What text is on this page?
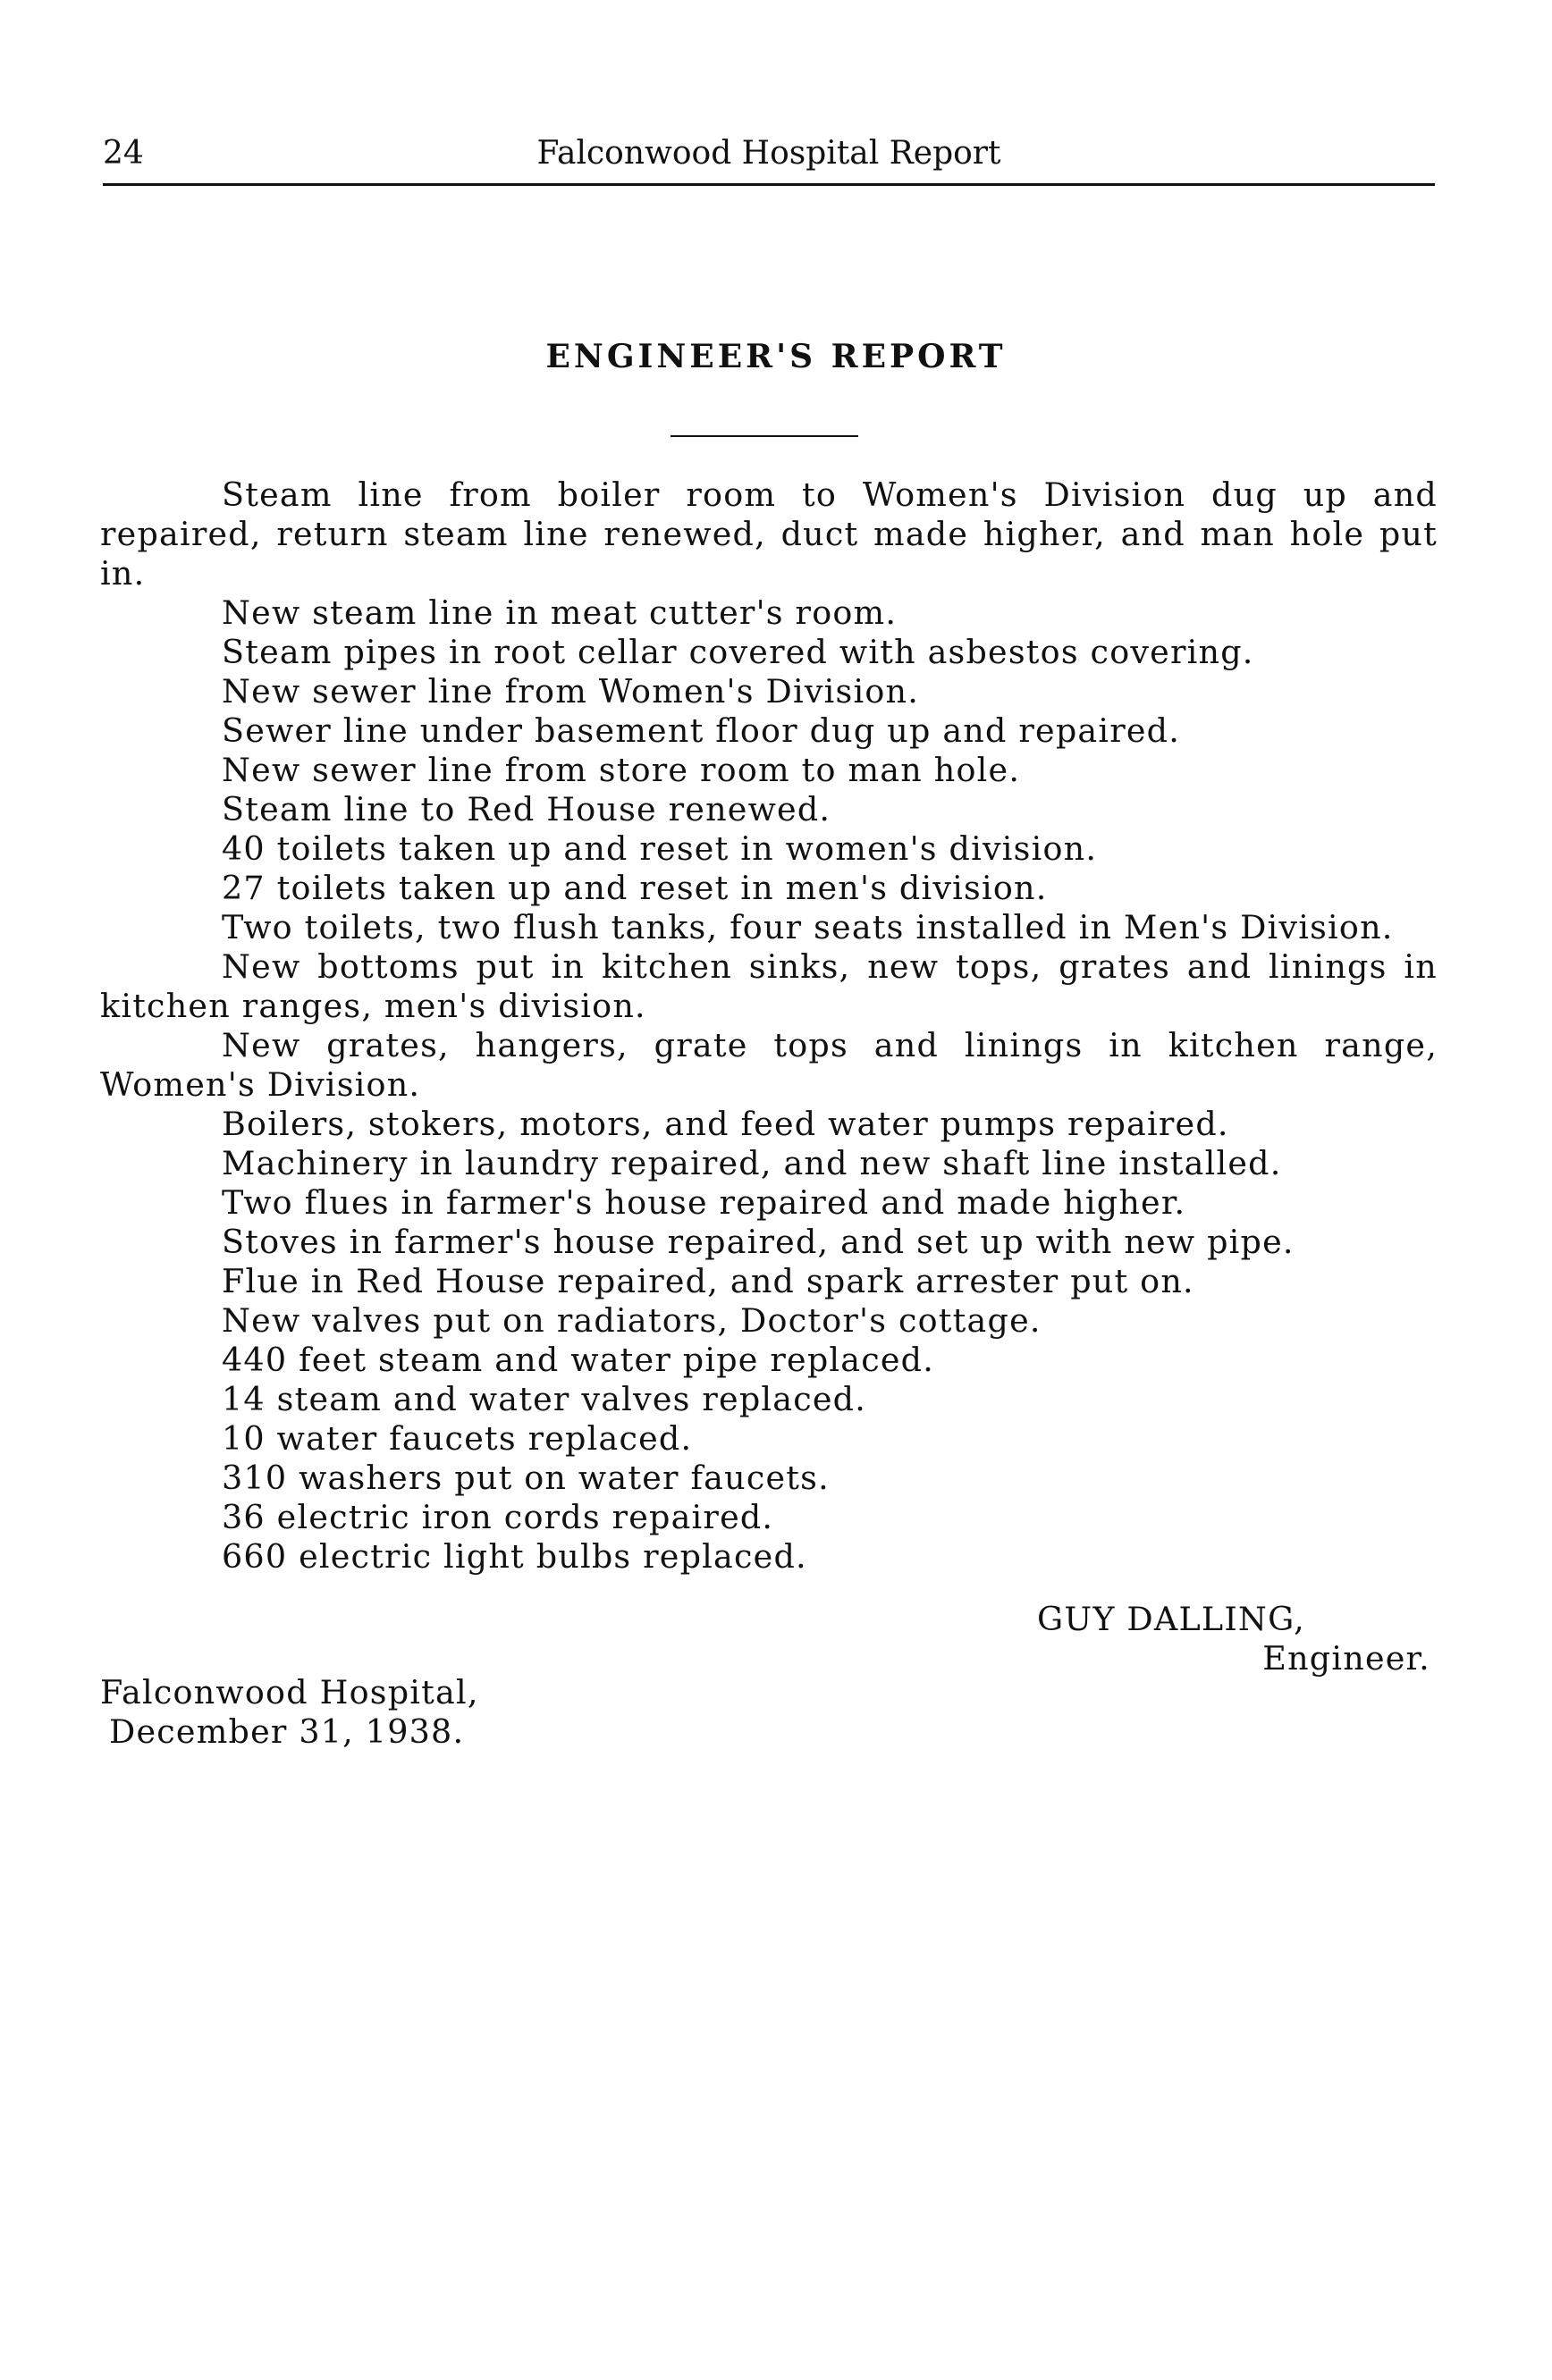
24	Falconwood Hospital Report
ENGINEER'S REPORT

Steam line from boiler room to Women's Division dug up and repaired, return steam line renewed, duct made higher, and man hole put in.

New steam line in meat cutter's room.

Steam pipes in root cellar covered with asbestos covering.

New sewer line from Women's Division.

Sewer line under basement floor dug up and repaired.

New sewer line from store room to man hole.

Steam line to Red House renewed.

40 toilets taken up and reset in women's division.

27 toilets taken up and reset in men's division.

Two toilets, two flush tanks, four seats installed in Men's Division.

New bottoms put in kitchen sinks, new tops, grates and linings in kitchen ranges, men's division.

New grates, hangers, grate tops and linings in kitchen range, Women's Division.

Boilers, stokers, motors, and feed water pumps repaired.

Machinery in laundry repaired, and new shaft line installed.

Two flues in farmer's house repaired and made higher.

Stoves in farmer's house repaired, and set up with new pipe.

Flue in Red House repaired, and spark arrester put on.

New valves put on radiators, Doctor's cottage.

440 feet steam and water pipe replaced.

14 steam and water valves replaced.

10 water faucets replaced.

310 washers put on water faucets.

36 electric iron cords repaired.

660 electric light bulbs replaced.

GUY DALLING,
Engineer.
Falconwood Hospital,
December 31, 1938.
